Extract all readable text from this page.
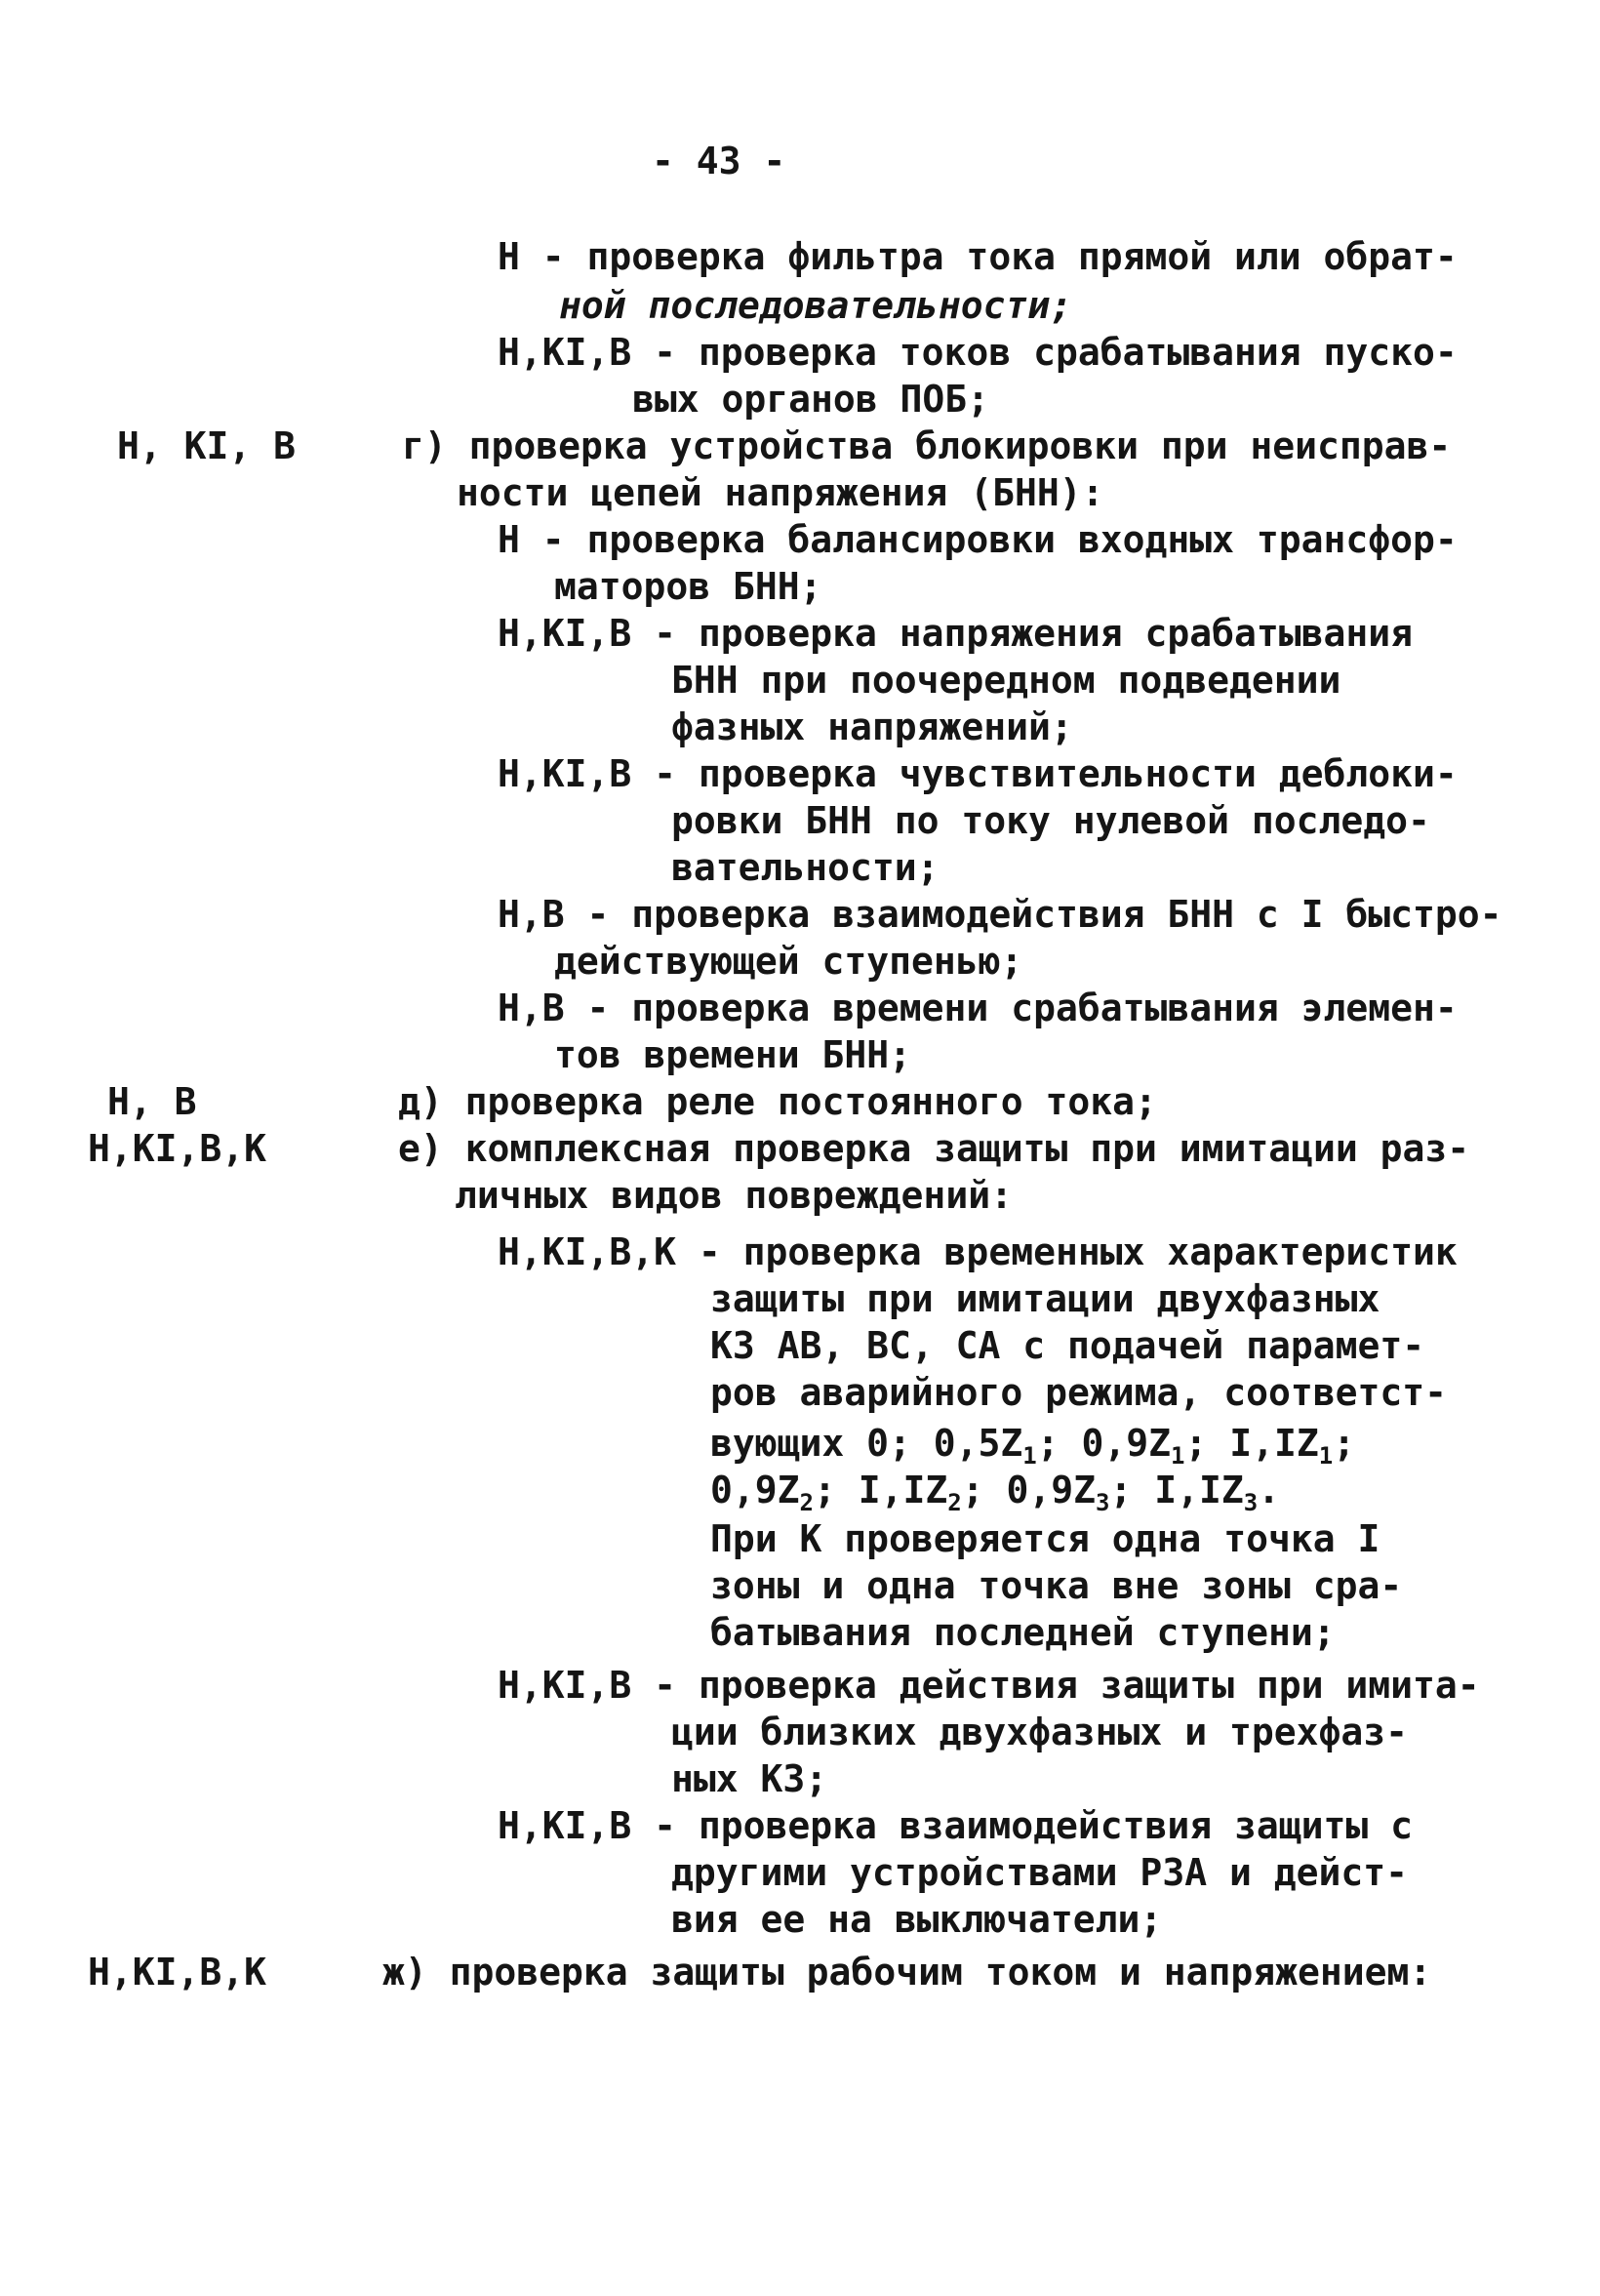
- 43 -
Н - проверка фильтра тока прямой или обрат-
ной последовательности;
Н,КI,В - проверка токов срабатывания пуско-
вых органов ПОБ;
Н, КI, В	г) проверка устройства блокировки при неисправ-
ности цепей напряжения (БНН):
Н - проверка балансировки входных трансфор-
маторов БНН;
Н,КI,В - проверка напряжения срабатывания
БНН при поочередном подведении
фазных напряжений;
Н,КI,В - проверка чувствительности деблоки-
ровки БНН по току нулевой последо-
вательности;
Н,В - проверка взаимодействия БНН с I быстро-
действующей ступенью;
Н,В - проверка времени срабатывания элемен-
тов времени БНН;
Н, В	д) проверка реле постоянного тока;
Н,КI,В,К	е) комплексная проверка защиты при имитации раз-
личных видов повреждений:
Н,КI,В,К - проверка временных характеристик
защиты при имитации двухфазных
КЗ АВ, ВС, СА с подачей парамет-
ров аварийного режима, соответст-
вующих 0; $0,5Z_1$; $0,9Z_1$; $I,IZ_1$;
$0,9Z_2$; $I,IZ_2$; $0,9Z_3$; $I,IZ_3$.
При К проверяется одна точка I
зоны и одна точка вне зоны сра-
батывания последней ступени;
Н,КI,В - проверка действия защиты при имита-
ции близких двухфазных и трехфаз-
ных КЗ;
Н,КI,В - проверка взаимодействия защиты с
другими устройствами РЗА и дейст-
вия ее на выключатели;
Н,КI,В,К	ж) проверка защиты рабочим током и напряжением:
